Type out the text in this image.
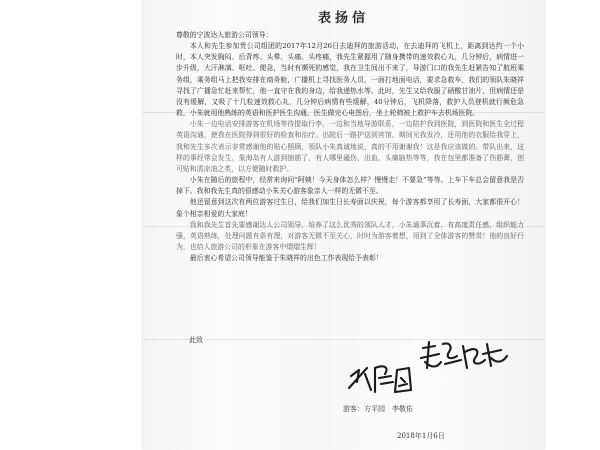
表扬信

尊敬的宁波达人旅游公司领导：

本人和先生参加贵公司组团的2017年12月26日去迪拜的旅游活动，在去迪拜的飞机上，距离到达约一个小时，本人突发胸闷、后背疼、头晕、头痛、头疼痛，我先生紧握用了随身携带的速效救心丸，几分钟后，病情进一步升级，大汗淋漓、呕吐、便急，当时有濒死的感觉，我在卫生间出不来了，导游门口的我先生赶紧告知了航班乘务组，乘务组马上把我安排在商务舱，广播机上寻找医务人员，一面打地面电话，要求急救车，我们的领队朱晓祥寻找了广播急忙赶来帮忙，他一直守在我的身边，给我递热水等。此时，先生又给我服了硝酸甘油片，但病情还是没有缓解，又吸了十几粒速效救心丸，几分钟后病情有些缓解，40分钟后，飞机降落，救护人员登机就行频危急救，小朱就用他熟练的英语和医护医生沟通，医生做完心电图后，坐上轮椅被上救护车去机场医院。

小朱一边电话安排游客在机场等待提取行李，一边和当地导游联系，一边陪护我到医院，到医院和医生全过程英语沟通，使我在医院得到很好的检查和治疗。出院后一路护送到宾馆，期间见我发冷，还用他的衣服给我穿上，我和先生多次表示非常感谢他的贴心照顾，领队小朱真诚地说，真的不用谢谢我！这是我应该做的。带队出来，这样的事经常会发生，象海岛有人游到抽筋了，有人哪里磕伤，出血，头痛脑热等等，我在包里都准备了伤筋膏，创可贴和清凉油之类，以方便随时救护。

小朱在随后的旅程中，经常来询问“阿姨！今天身体怎么样？慢慢走！不要急”等等。上车下车总会留意我是否掉下。我和我先生真的很感动小朱关心游客象亲人一样的无微不至。

他还留意到这次有两位游客过生日，给我们加生日长寿面以庆祝，每个游客都享用了长寿面，大家都很开心！象个相亲相爱的大家庭！

我和我先生首先要感谢达人公司领导，培养了这么优秀的领队人才，小朱通事沉着，有高度责任感，组织能力强，英语熟练，处理问题有条有理，对游客无微不至关心，时时为游客着想，用到了全体游客的赞赏！他的良好行为，也给人旅游公司的形象在游客中熠熠生辉！

最后衷心希望公司领导能鉴于朱晓祥的出色工作表现给予表彰！

此致
游客：方平园　李敬佑
2018年1月6日
